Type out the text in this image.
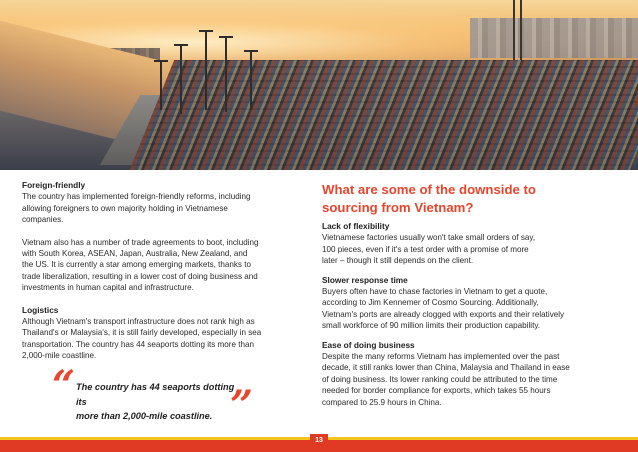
Foreign-friendly

The country has implemented foreign-friendly reforms, including

allowing foreigners to own majority holding in Vietnamese

companies.

Vietnam also has a number of trade agreements to boot, including

with South Korea, ASEAN, Japan, Australia, New Zealand, and

the US. It is currently a star among emerging markets, thanks to

trade liberalization, resulting in a lower cost of doing business and

investments in human capital and infrastructure.

Logistics

Although Vietnam's transport infrastructure does not rank high as

Thailand's or Malaysia's, it is still fairly developed, especially in sea

transportation. The country has 44 seaports dotting its more than

2,000-mile coastline.

“ The country has 44 seaports dotting its
more than 2,000-mile coastline. ”
What are some of the downside to
sourcing from Vietnam?
Lack of flexibility

Vietnamese factories usually won't take small orders of say,

100 pieces, even if it's a test order with a promise of more

later – though it still depends on the client.

Slower response time

Buyers often have to chase factories in Vietnam to get a quote,

according to Jim Kennemer of Cosmo Sourcing. Additionally,

Vietnam's ports are already clogged with exports and their relatively

small workforce of 90 million limits their production capability.

Ease of doing business

Despite the many reforms Vietnam has implemented over the past

decade, it still ranks lower than China, Malaysia and Thailand in ease

of doing business. Its lower ranking could be attributed to the time

needed for border compliance for exports, which takes 55 hours

compared to 25.9 hours in China.

13
